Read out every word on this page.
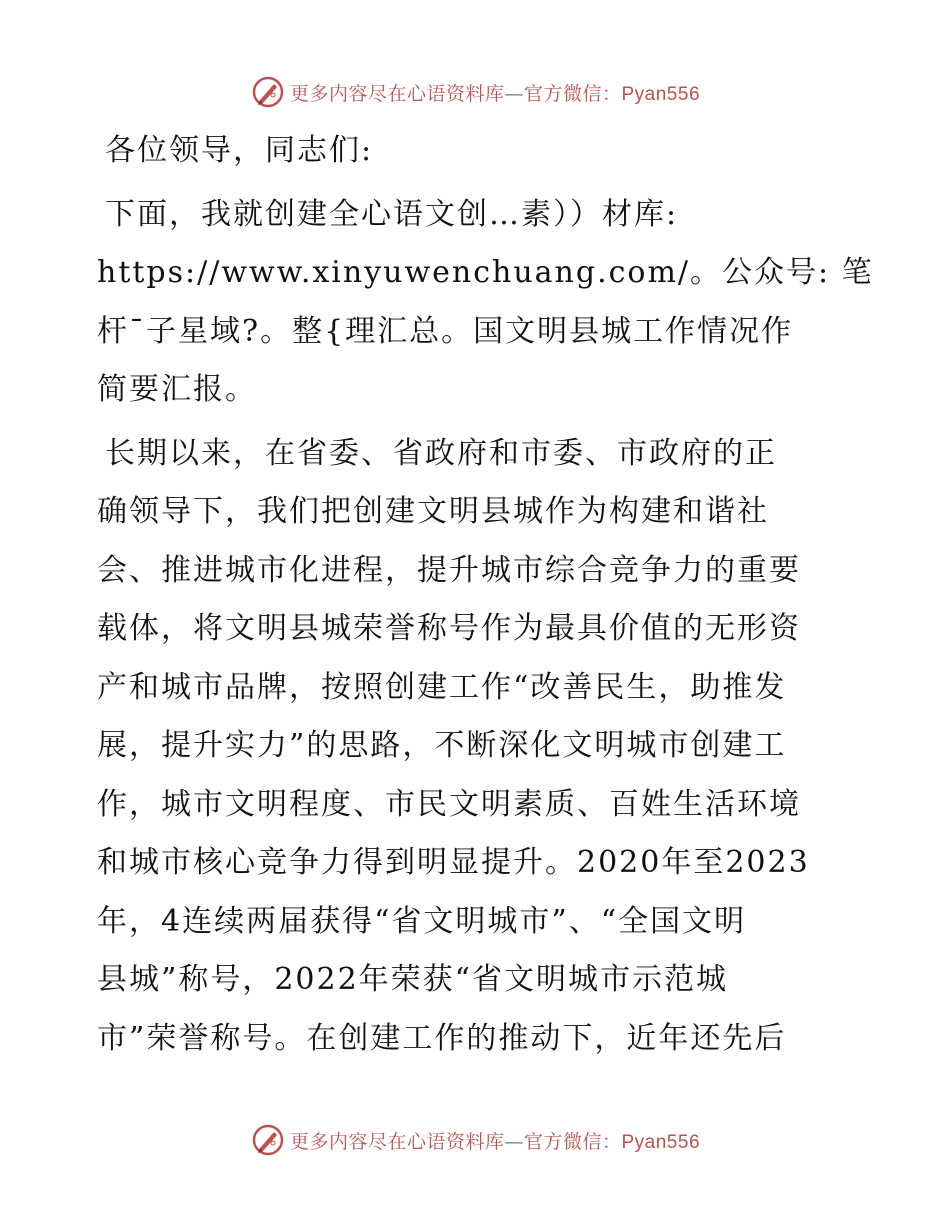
更多内容尽在心语资料库—官方微信：Pyan556

各位领导，同志们:

下面，我就创建全心语文创…素））材库:
https://www.xinyuwenchuang.com/。公众号: 笔
杆¯子星域?。整{理汇总。国文明县城工作情况作
简要汇报。

长期以来，在省委、省政府和市委、市政府的正
确领导下，我们把创建文明县城作为构建和谐社
会、推进城市化进程，提升城市综合竞争力的重要
载体，将文明县城荣誉称号作为最具价值的无形资
产和城市品牌，按照创建工作“改善民生，助推发
展，提升实力”的思路，不断深化文明城市创建工
作，城市文明程度、市民文明素质、百姓生活环境
和城市核心竞争力得到明显提升。2020年至2023
年，4连续两届获得“省文明城市”、“全国文明
县城”称号，2022年荣获“省文明城市示范城
市”荣誉称号。在创建工作的推动下，近年还先后

更多内容尽在心语资料库—官方微信：Pyan556
